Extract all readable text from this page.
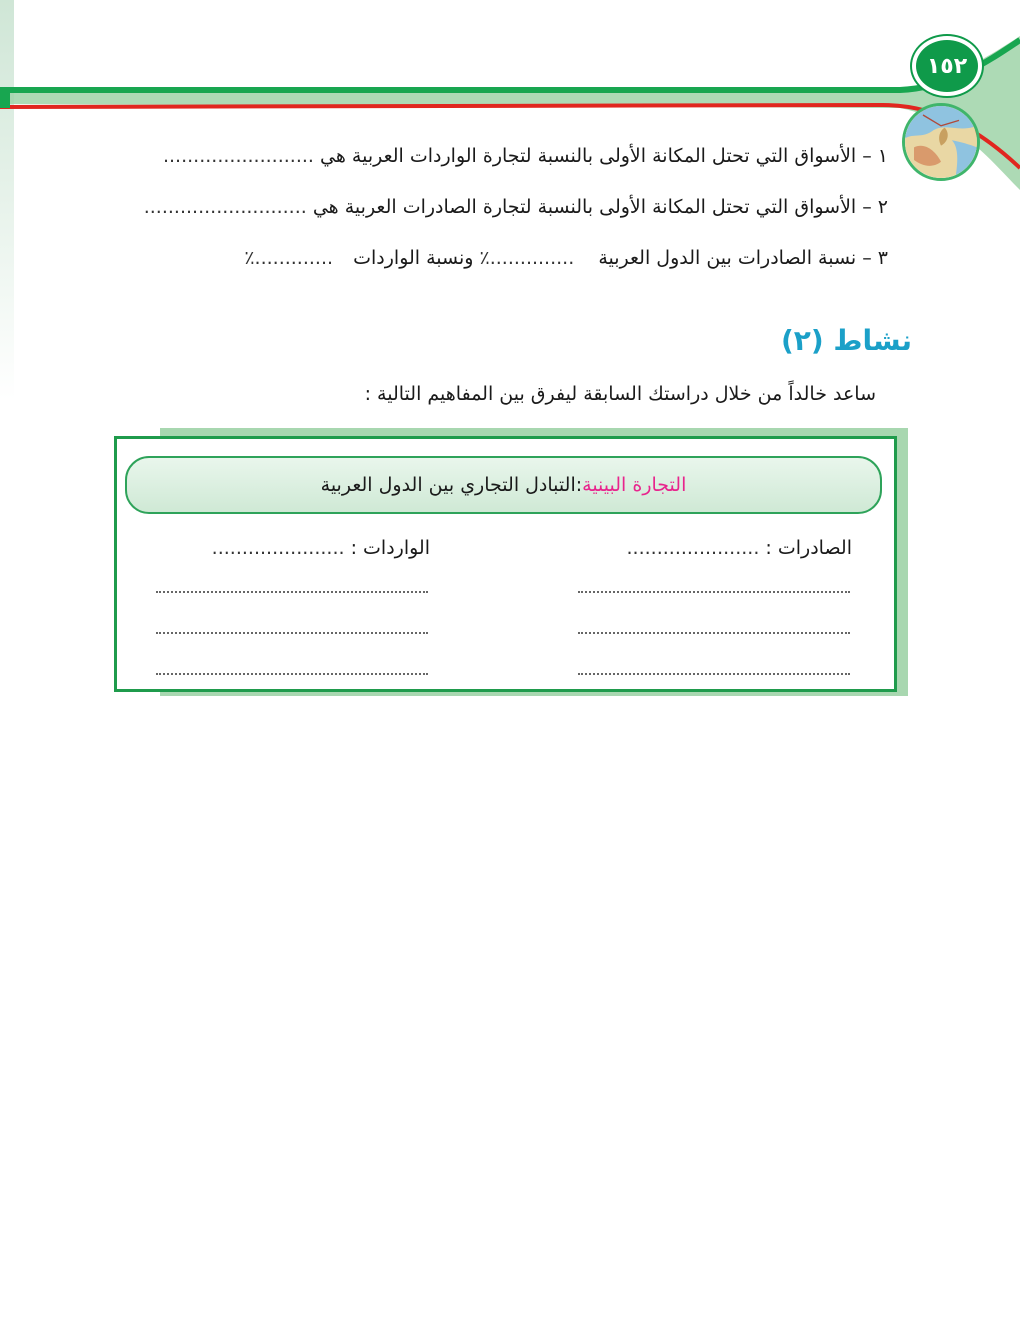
١٥٢
١ – الأسواق التي تحتل المكانة الأولى بالنسبة لتجارة الواردات العربية هي .........................
٢ – الأسواق التي تحتل المكانة الأولى بالنسبة لتجارة الصادرات العربية هي ...........................
٣ – نسبة الصادرات بين الدول العربية ..............٪ ونسبة الواردات .............٪
نشاط (٢)
ساعد خالداً من خلال دراستك السابقة ليفرق بين المفاهيم التالية :
التجارة البينية
:
التبادل التجاري بين الدول العربية
الصادرات : ......................
الواردات : ......................
